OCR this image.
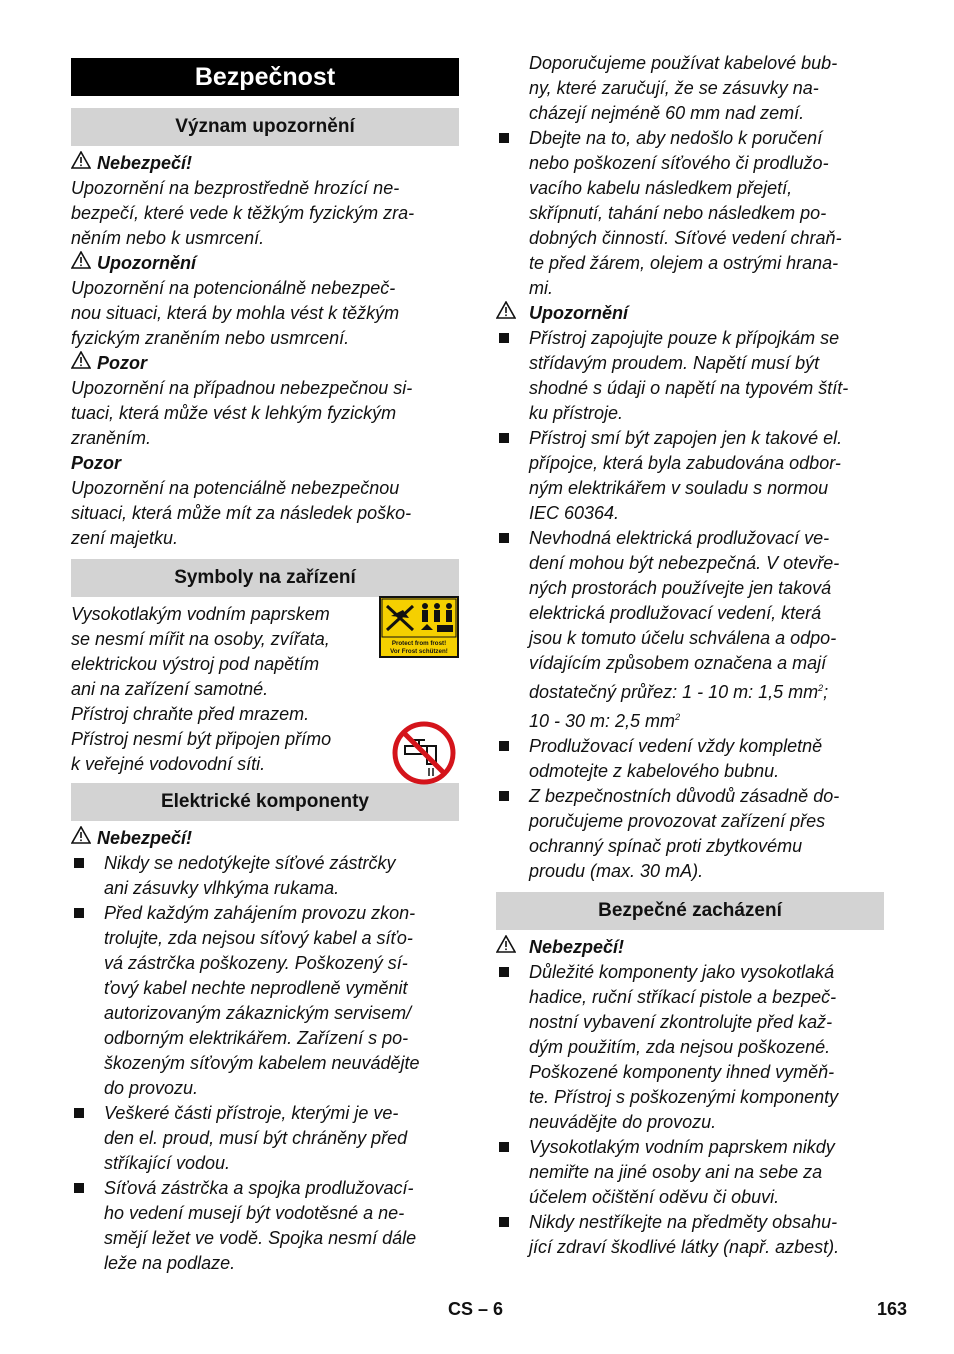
Bezpečnost
Význam upozornění
Nebezpečí!
Upozornění na bezprostředně hrozící ne-
bezpečí, které vede k těžkým fyzickým zra-
něním nebo k usmrcení.
Upozornění
Upozornění na potencionálně nebezpeč-
nou situaci, která by mohla vést k těžkým
fyzickým zraněním nebo usmrcení.
Pozor
Upozornění na případnou nebezpečnou si-
tuaci, která může vést k lehkým fyzickým
zraněním.
Pozor
Upozornění na potenciálně nebezpečnou
situaci, která může mít za následek poško-
zení majetku.
Symboly na zařízení
Vysokotlakým vodním paprskem
se nesmí mířit na osoby, zvířata,
elektrickou výstroj pod napětím
ani na zařízení samotné.
Přístroj chraňte před mrazem.
Přístroj nesmí být připojen přímo
k veřejné vodovodní síti.
Protect from frost!
Vor Frost schützen!
Elektrické komponenty
Nebezpečí!
Nikdy se nedotýkejte síťové zástrčky
ani zásuvky vlhkýma rukama.
Před každým zahájením provozu zkon-
trolujte, zda nejsou síťový kabel a síťo-
vá zástrčka poškozeny. Poškozený sí-
ťový kabel nechte neprodleně vyměnit
autorizovaným zákaznickým servisem/
odborným elektrikářem. Zařízení s po-
škozeným síťovým kabelem neuvádějte
do provozu.
Veškeré části přístroje, kterými je ve-
den el. proud, musí být chráněny před
stříkající vodou.
Síťová zástrčka a spojka prodlužovací-
ho vedení musejí být vodotěsné a ne-
smějí ležet ve vodě. Spojka nesmí dále
leže na podlaze.
Doporučujeme používat kabelové bub-
ny, které zaručují, že se zásuvky na-
cházejí nejméně 60 mm nad zemí.
Dbejte na to, aby nedošlo k poručení
nebo poškození síťového či prodlužo-
vacího kabelu následkem přejetí,
skřípnutí, tahání nebo následkem po-
dobných činností. Síťové vedení chraň-
te před žárem, olejem a ostrými hrana-
mi.
Upozornění
Přístroj zapojujte pouze k přípojkám se
střídavým proudem. Napětí musí být
shodné s údaji o napětí na typovém štít-
ku přístroje.
Přístroj smí být zapojen jen k takové el.
přípojce, která byla zabudována odbor-
ným elektrikářem v souladu s normou
IEC 60364.
Nevhodná elektrická prodlužovací ve-
dení mohou být nebezpečná. V otevře-
ných prostorách používejte jen taková
elektrická prodlužovací vedení, která
jsou k tomuto účelu schválena a odpo-
vídajícím způsobem označena a mají
dostatečný průřez: 1 - 10 m: 1,5 $mm^2$;
10 - 30 m: 2,5 $mm^2$
Prodlužovací vedení vždy kompletně
odmotejte z kabelového bubnu.
Z bezpečnostních důvodů zásadně do-
poručujeme provozovat zařízení přes
ochranný spínač proti zbytkovému
proudu (max. 30 mA).
Bezpečné zacházení
Nebezpečí!
Důležité komponenty jako vysokotlaká
hadice, ruční stříkací pistole a bezpeč-
nostní vybavení zkontrolujte před kaž-
dým použitím, zda nejsou poškozené.
Poškozené komponenty ihned vyměň-
te. Přístroj s poškozenými komponenty
neuvádějte do provozu.
Vysokotlakým vodním paprskem nikdy
nemiřte na jiné osoby ani na sebe za
účelem očištění oděvu či obuvi.
Nikdy nestříkejte na předměty obsahu-
jící zdraví škodlivé látky (např. azbest).
CS – 6	163
